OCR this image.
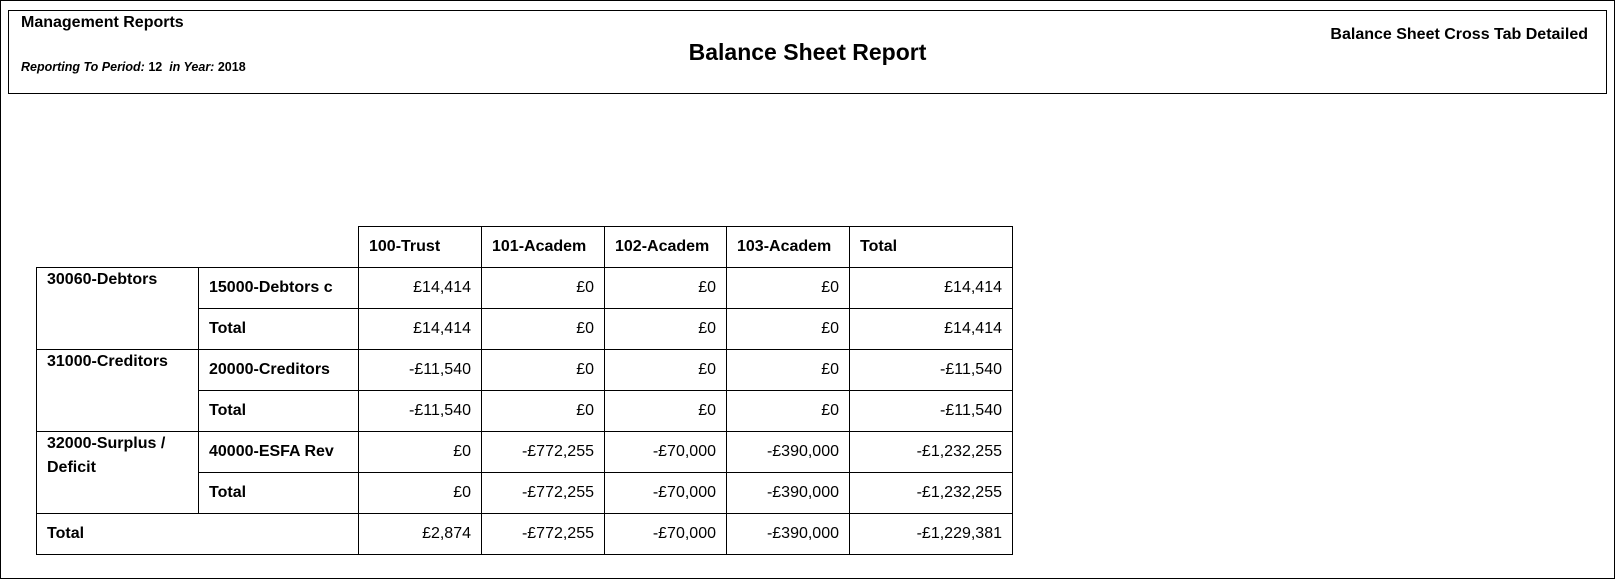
Management Reports
Reporting To Period: 12 in Year: 2018
Balance Sheet Report
Balance Sheet Cross Tab Detailed
		100-Trust	101-Academ	102-Academ	103-Academ	Total
30060-Debtors	15000-Debtors c	£14,414	£0	£0	£0	£14,414
	Total	£14,414	£0	£0	£0	£14,414

31000-Creditors	20000-Creditors	-£11,540	£0	£0	£0	-£11,540
	Total	-£11,540	£0	£0	£0	-£11,540

32000-Surplus / Deficit	40000-ESFA Rev	£0	-£772,255	-£70,000	-£390,000	-£1,232,255
	Total	£0	-£772,255	-£70,000	-£390,000	-£1,232,255
Total		£2,874	-£772,255	-£70,000	-£390,000	-£1,229,381
